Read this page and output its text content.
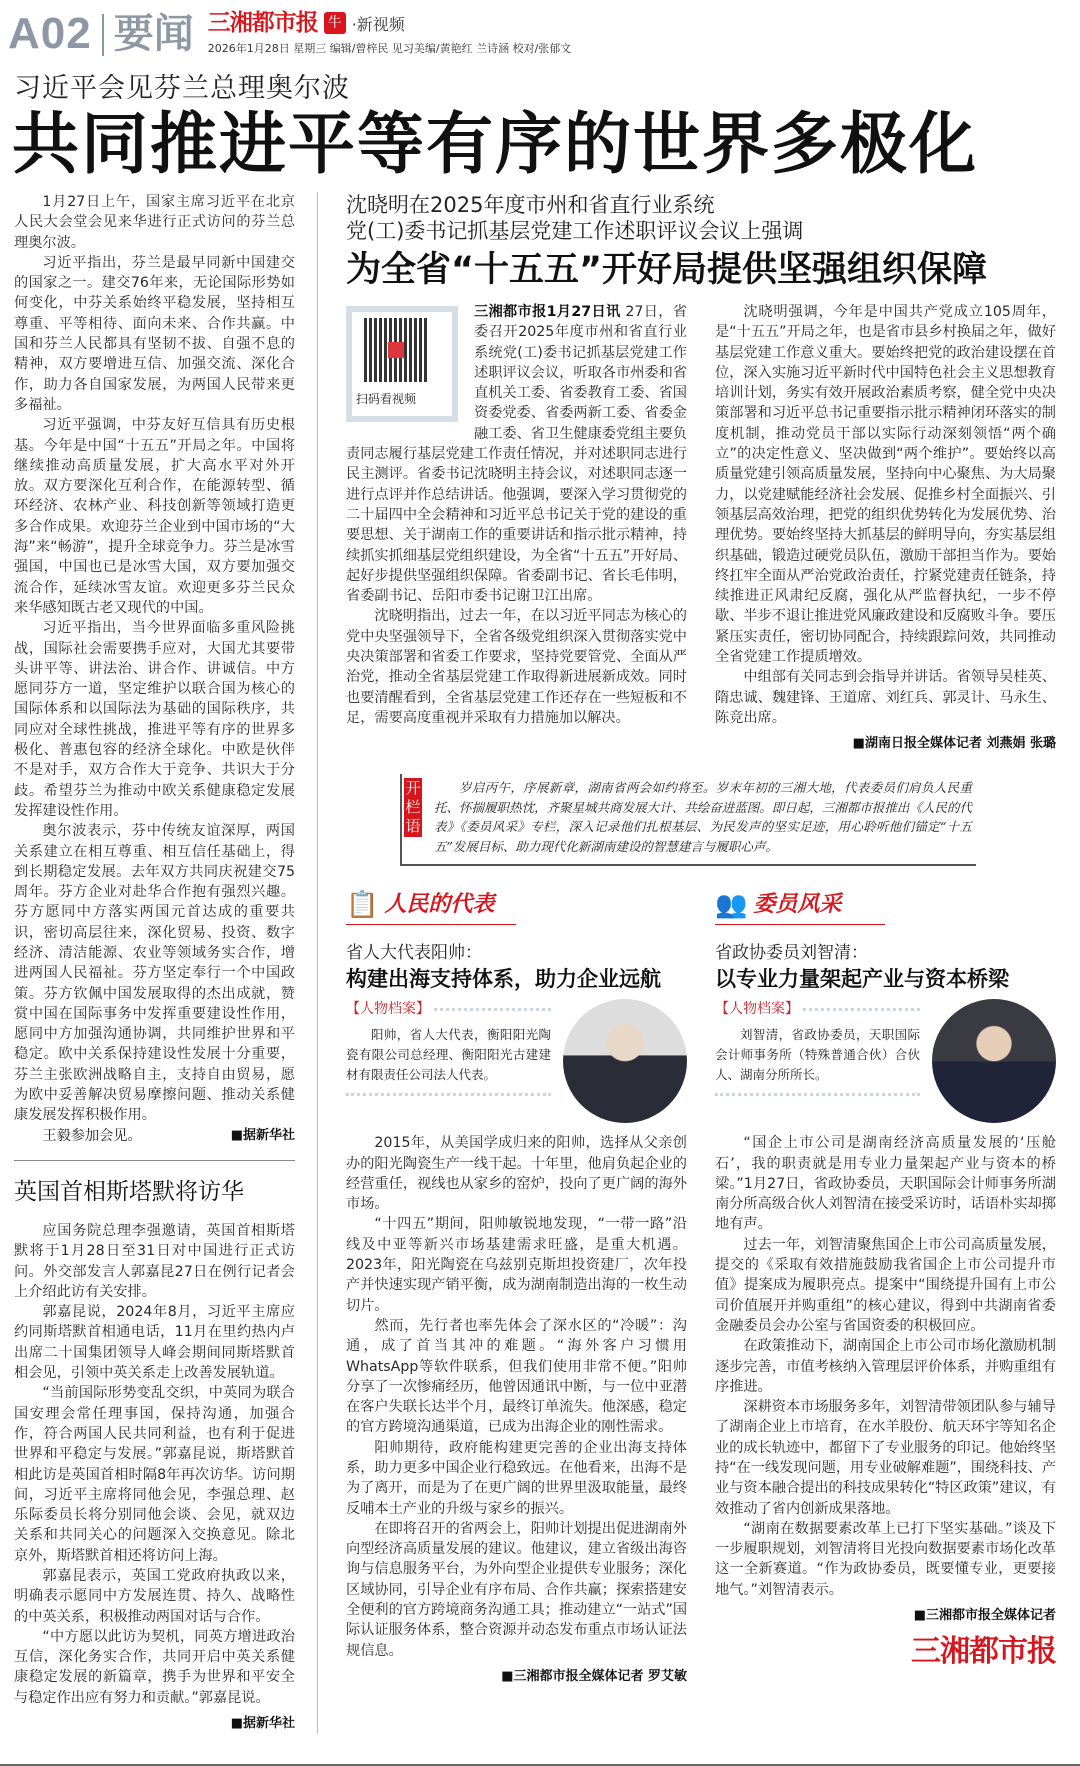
A02 要闻 三湘都市报 牛 ·新视频
2026年1月28日 星期三 编辑/曾梓民 见习美编/黄艳红 兰诗涵 校对/张郁文
习近平会见芬兰总理奥尔波
共同推进平等有序的世界多极化

1月27日上午，国家主席习近平在北京人民大会堂会见来华进行正式访问的芬兰总理奥尔波。

习近平指出，芬兰是最早同新中国建交的国家之一。建交76年来，无论国际形势如何变化，中芬关系始终平稳发展，坚持相互尊重、平等相待、面向未来、合作共赢。中国和芬兰人民都具有坚韧不拔、自强不息的精神，双方要增进互信、加强交流、深化合作，助力各自国家发展，为两国人民带来更多福祉。

习近平强调，中芬友好互信具有历史根基。今年是中国“十五五”开局之年。中国将继续推动高质量发展，扩大高水平对外开放。双方要深化互利合作，在能源转型、循环经济、农林产业、科技创新等领域打造更多合作成果。欢迎芬兰企业到中国市场的“大海”来“畅游”，提升全球竞争力。芬兰是冰雪强国，中国也已是冰雪大国，双方要加强交流合作，延续冰雪友谊。欢迎更多芬兰民众来华感知既古老又现代的中国。

习近平指出，当今世界面临多重风险挑战，国际社会需要携手应对，大国尤其要带头讲平等、讲法治、讲合作、讲诚信。中方愿同芬方一道，坚定维护以联合国为核心的国际体系和以国际法为基础的国际秩序，共同应对全球性挑战，推进平等有序的世界多极化、普惠包容的经济全球化。中欧是伙伴不是对手，双方合作大于竞争、共识大于分歧。希望芬兰为推动中欧关系健康稳定发展发挥建设性作用。

奥尔波表示，芬中传统友谊深厚，两国关系建立在相互尊重、相互信任基础上，得到长期稳定发展。去年双方共同庆祝建交75周年。芬方企业对赴华合作抱有强烈兴趣。芬方愿同中方落实两国元首达成的重要共识，密切高层往来，深化贸易、投资、数字经济、清洁能源、农业等领域务实合作，增进两国人民福祉。芬方坚定奉行一个中国政策。芬方钦佩中国发展取得的杰出成就，赞赏中国在国际事务中发挥重要建设性作用，愿同中方加强沟通协调，共同维护世界和平稳定。欧中关系保持建设性发展十分重要，芬兰主张欧洲战略自主，支持自由贸易，愿为欧中妥善解决贸易摩擦问题、推动关系健康发展发挥积极作用。

王毅参加会见。	■据新华社
英国首相斯塔默将访华

应国务院总理李强邀请，英国首相斯塔默将于1月28日至31日对中国进行正式访问。外交部发言人郭嘉昆27日在例行记者会上介绍此访有关安排。

郭嘉昆说，2024年8月，习近平主席应约同斯塔默首相通电话，11月在里约热内卢出席二十国集团领导人峰会期间同斯塔默首相会见，引领中英关系走上改善发展轨道。

“当前国际形势变乱交织，中英同为联合国安理会常任理事国，保持沟通，加强合作，符合两国人民共同利益，也有利于促进世界和平稳定与发展。”郭嘉昆说，斯塔默首相此访是英国首相时隔8年再次访华。访问期间，习近平主席将同他会见，李强总理、赵乐际委员长将分别同他会谈、会见，就双边关系和共同关心的问题深入交换意见。除北京外，斯塔默首相还将访问上海。

郭嘉昆表示，英国工党政府执政以来，明确表示愿同中方发展连贯、持久、战略性的中英关系，积极推动两国对话与合作。

“中方愿以此访为契机，同英方增进政治互信，深化务实合作，共同开启中英关系健康稳定发展的新篇章，携手为世界和平安全与稳定作出应有努力和贡献。”郭嘉昆说。

■据新华社
沈晓明在2025年度市州和省直行业系统
党(工)委书记抓基层党建工作述职评议会议上强调
为全省“十五五”开好局提供坚强组织保障
扫码看视频

三湘都市报1月27日讯 27日，省委召开2025年度市州和省直行业系统党(工)委书记抓基层党建工作述职评议会议，听取各市州委和省直机关工委、省委教育工委、省国资委党委、省委两新工委、省委金融工委、省卫生健康委党组主要负责同志履行基层党建工作责任情况，并对述职同志进行民主测评。省委书记沈晓明主持会议，对述职同志逐一进行点评并作总结讲话。他强调，要深入学习贯彻党的二十届四中全会精神和习近平总书记关于党的建设的重要思想、关于湖南工作的重要讲话和指示批示精神，持续抓实抓细基层党组织建设，为全省“十五五”开好局、起好步提供坚强组织保障。省委副书记、省长毛伟明，省委副书记、岳阳市委书记谢卫江出席。

沈晓明指出，过去一年，在以习近平同志为核心的党中央坚强领导下，全省各级党组织深入贯彻落实党中央决策部署和省委工作要求，坚持党要管党、全面从严治党，推动全省基层党建工作取得新进展新成效。同时也要清醒看到，全省基层党建工作还存在一些短板和不足，需要高度重视并采取有力措施加以解决。

沈晓明强调，今年是中国共产党成立105周年，是“十五五”开局之年，也是省市县乡村换届之年，做好基层党建工作意义重大。要始终把党的政治建设摆在首位，深入实施习近平新时代中国特色社会主义思想教育培训计划，务实有效开展政治素质考察，健全党中央决策部署和习近平总书记重要指示批示精神闭环落实的制度机制，推动党员干部以实际行动深刻领悟“两个确立”的决定性意义、坚决做到“两个维护”。要始终以高质量党建引领高质量发展，坚持向中心聚焦、为大局聚力，以党建赋能经济社会发展、促推乡村全面振兴、引领基层高效治理，把党的组织优势转化为发展优势、治理优势。要始终坚持大抓基层的鲜明导向，夯实基层组织基础，锻造过硬党员队伍，激励干部担当作为。要始终扛牢全面从严治党政治责任，拧紧党建责任链条，持续推进正风肃纪反腐，强化从严监督执纪，一步不停歇、半步不退让推进党风廉政建设和反腐败斗争。要压紧压实责任，密切协同配合，持续跟踪问效，共同推动全省党建工作提质增效。

中组部有关同志到会指导并讲话。省领导吴桂英、隋忠诚、魏建锋、王道席、刘红兵、郭灵计、马永生、陈竞出席。

■湖南日报全媒体记者 刘燕娟 张璐
开栏语
岁启丙午，序展新章，湖南省两会如约将至。岁末年初的三湘大地，代表委员们肩负人民重托、怀揣履职热忱，齐聚星城共商发展大计、共绘奋进蓝图。即日起，三湘都市报推出《人民的代表》《委员风采》专栏，深入记录他们扎根基层、为民发声的坚实足迹，用心聆听他们锚定“十五五”发展目标、助力现代化新湖南建设的智慧建言与履职心声。
📋 人民的代表
省人大代表阳帅：
构建出海支持体系，助力企业远航
【人物档案】
阳帅，省人大代表，衡阳阳光陶瓷有限公司总经理、衡阳阳光古建建材有限责任公司法人代表。

2015年，从美国学成归来的阳帅，选择从父亲创办的阳光陶瓷生产一线干起。十年里，他肩负起企业的经营重任，视线也从家乡的窑炉，投向了更广阔的海外市场。

“十四五”期间，阳帅敏锐地发现，“一带一路”沿线及中亚等新兴市场基建需求旺盛，是重大机遇。2023年，阳光陶瓷在乌兹别克斯坦投资建厂，次年投产并快速实现产销平衡，成为湖南制造出海的一枚生动切片。

然而，先行者也率先体会了深水区的“冷暖”：沟通，成了首当其冲的难题。“海外客户习惯用WhatsApp等软件联系，但我们使用非常不便。”阳帅分享了一次惨痛经历，他曾因通讯中断，与一位中亚潜在客户失联长达半个月，最终订单流失。他深感，稳定的官方跨境沟通渠道，已成为出海企业的刚性需求。

阳帅期待，政府能构建更完善的企业出海支持体系，助力更多中国企业行稳致远。在他看来，出海不是为了离开，而是为了在更广阔的世界里汲取能量，最终反哺本土产业的升级与家乡的振兴。

在即将召开的省两会上，阳帅计划提出促进湖南外向型经济高质量发展的建议。他建议，建立省级出海咨询与信息服务平台，为外向型企业提供专业服务；深化区域协同，引导企业有序布局、合作共赢；探索搭建安全便利的官方跨境商务沟通工具；推动建立“一站式”国际认证服务体系，整合资源并动态发布重点市场认证法规信息。

■三湘都市报全媒体记者 罗艾敏
👥 委员风采
省政协委员刘智清：
以专业力量架起产业与资本桥梁
【人物档案】
刘智清，省政协委员，天职国际会计师事务所（特殊普通合伙）合伙人、湖南分所所长。

“国企上市公司是湖南经济高质量发展的‘压舱石’，我的职责就是用专业力量架起产业与资本的桥梁。”1月27日，省政协委员，天职国际会计师事务所湖南分所高级合伙人刘智清在接受采访时，话语朴实却掷地有声。

过去一年，刘智清聚焦国企上市公司高质量发展，提交的《采取有效措施鼓励我省国企上市公司提升市值》提案成为履职亮点。提案中“围绕提升国有上市公司价值展开并购重组”的核心建议，得到中共湖南省委金融委员会办公室与省国资委的积极回应。

在政策推动下，湖南国企上市公司市场化激励机制逐步完善，市值考核纳入管理层评价体系，并购重组有序推进。

深耕资本市场服务多年，刘智清带领团队参与辅导了湖南企业上市培育，在水羊股份、航天环宇等知名企业的成长轨迹中，都留下了专业服务的印记。他始终坚持“在一线发现问题，用专业破解难题”，围绕科技、产业与资本融合提出的科技成果转化“特区政策”建议，有效推动了省内创新成果落地。

“湖南在数据要素改革上已打下坚实基础。”谈及下一步履职规划，刘智清将目光投向数据要素市场化改革这一全新赛道。“作为政协委员，既要懂专业，更要接地气。”刘智清表示。

■三湘都市报全媒体记者
三湘都市报
